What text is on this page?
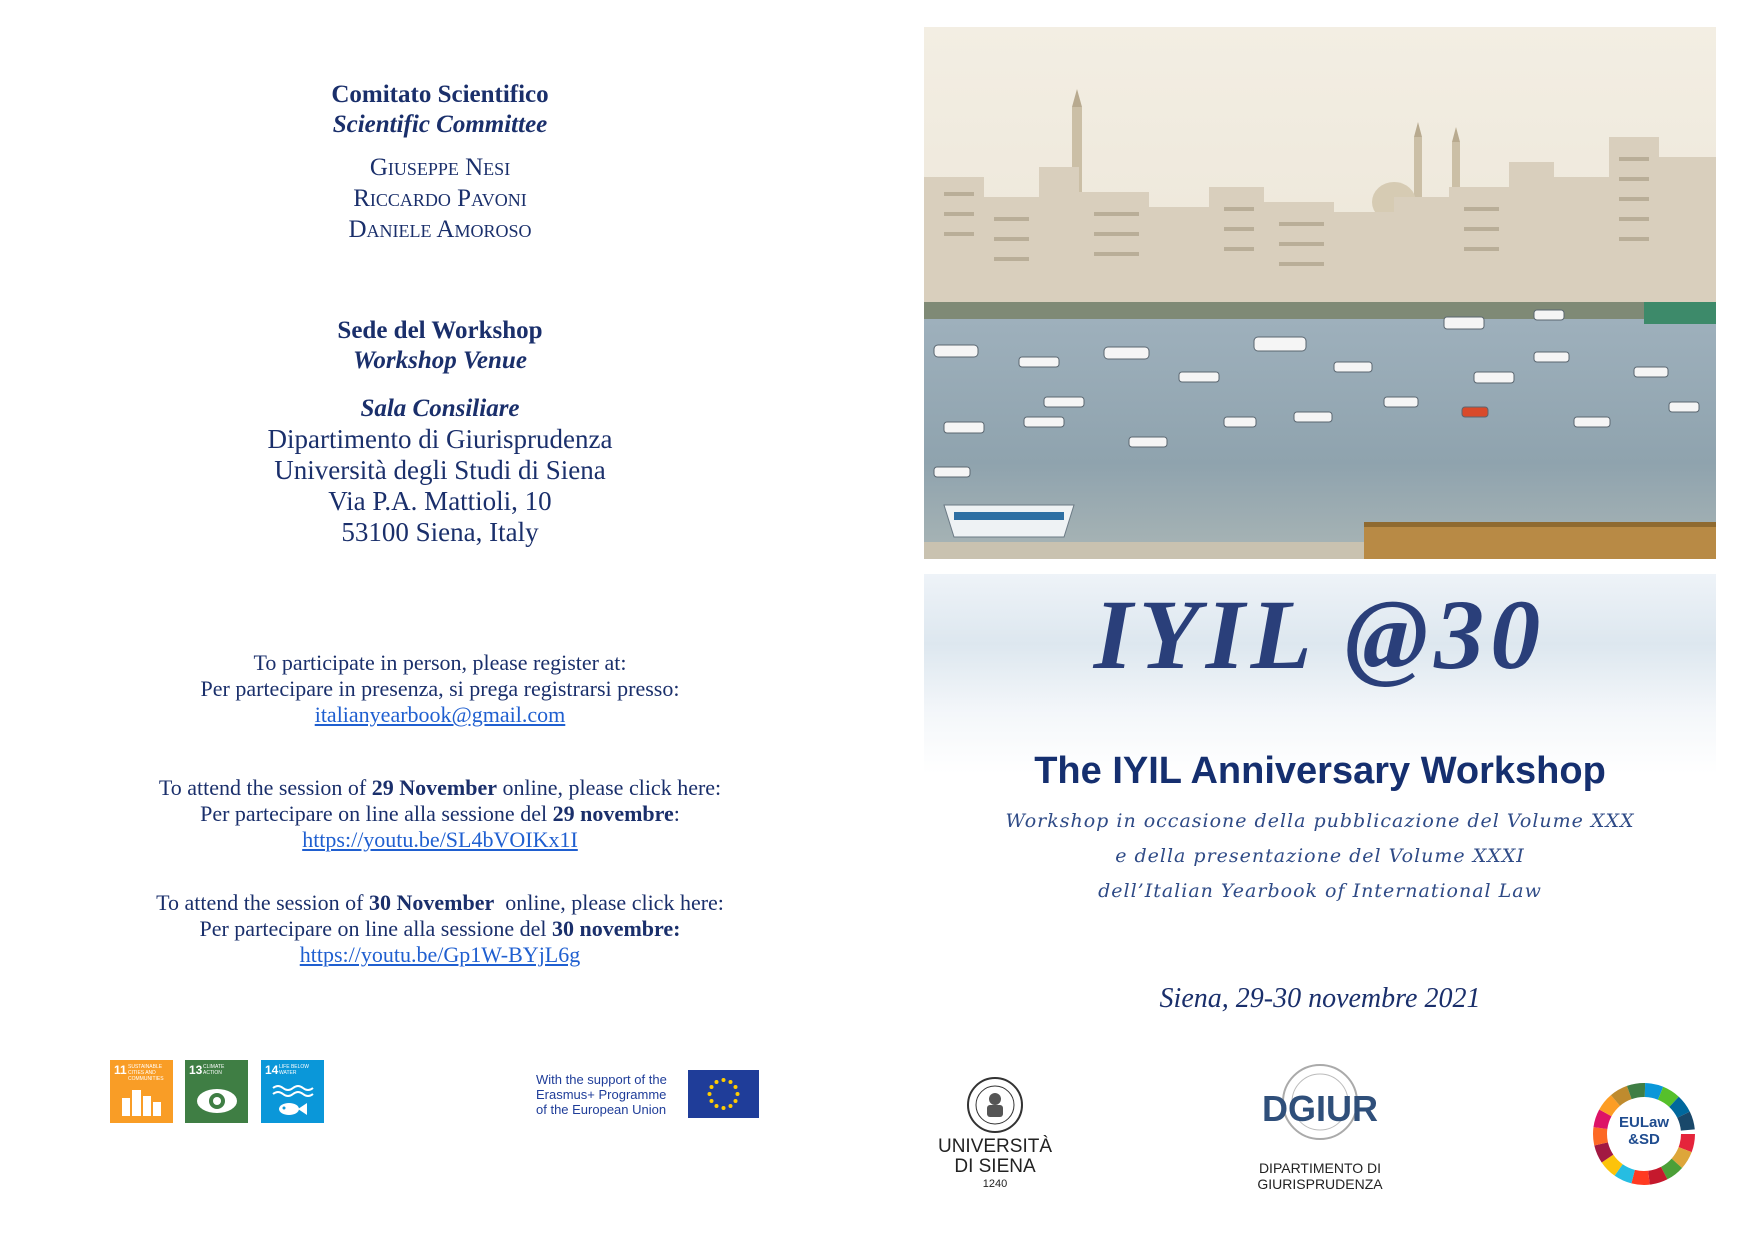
Comitato Scientifico
Scientific Committee
Giuseppe Nesi
Riccardo Pavoni
Daniele Amoroso
Sede del Workshop
Workshop Venue
Sala Consiliare
Dipartimento di Giurisprudenza
Università degli Studi di Siena
Via P.A. Mattioli, 10
53100 Siena, Italy
To participate in person, please register at:
Per partecipare in presenza, si prega registrarsi presso:
italianyearbook@gmail.com
To attend the session of 29 November online, please click here:
Per partecipare on line alla sessione del 29 novembre:
https://youtu.be/SL4bVOIKx1I
To attend the session of 30 November  online, please click here:
Per partecipare on line alla sessione del 30 novembre:
https://youtu.be/Gp1W-BYjL6g
11 SUSTAINABLE CITIES AND COMMUNITIES
13 CLIMATE ACTION	14 LIFE BELOW WATER	With the support of the
Erasmus+ Programme
of the European Union
IYIL @30
The IYIL Anniversary Workshop
Workshop in occasione della pubblicazione del Volume XXX
e della presentazione del Volume XXXI
dell’Italian Yearbook of International Law
Siena, 29-30 novembre 2021
UNIVERSITÀ
DI SIENA
1240
DGIUR
DIPARTIMENTO DI
GIURISPRUDENZA
EULaw
&SD
